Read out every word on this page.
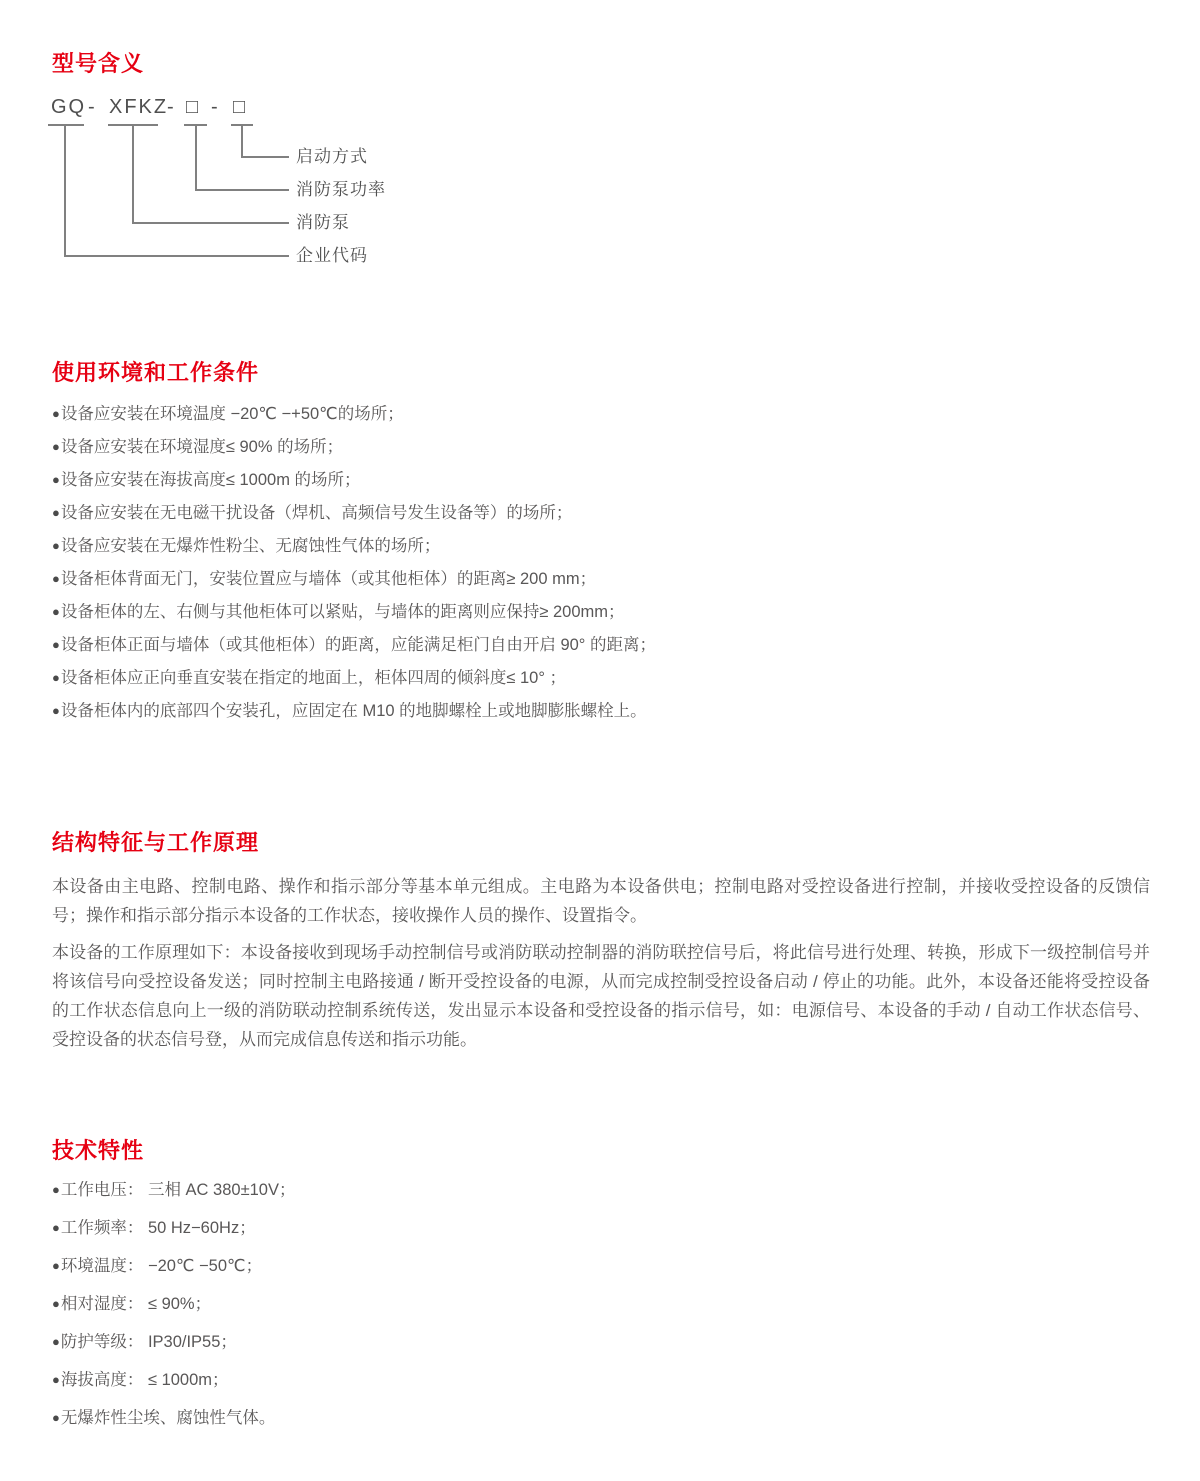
型号含义
GQ - XFKZ
- □ - □
启动方式
消防泵功率
消防泵
企业代码
使用环境和工作条件
●设备应安装在环境温度 −20℃ −+50℃的场所；
●设备应安装在环境湿度≤ 90% 的场所；
●设备应安装在海拔高度≤ 1000m 的场所；
●设备应安装在无电磁干扰设备（焊机、高频信号发生设备等）的场所；
●设备应安装在无爆炸性粉尘、无腐蚀性气体的场所；
●设备柜体背面无门，安装位置应与墙体（或其他柜体）的距离≥ 200 mm；
●设备柜体的左、右侧与其他柜体可以紧贴，与墙体的距离则应保持≥ 200mm；
●设备柜体正面与墙体（或其他柜体）的距离，应能满足柜门自由开启 90° 的距离；
●设备柜体应正向垂直安装在指定的地面上，柜体四周的倾斜度≤ 10° ；
●设备柜体内的底部四个安装孔，应固定在 M10 的地脚螺栓上或地脚膨胀螺栓上。
结构特征与工作原理

本设备由主电路、控制电路、操作和指示部分等基本单元组成。主电路为本设备供电；控制电路对受控设备进行控制，并接收受控设备的反馈信号；操作和指示部分指示本设备的工作状态，接收操作人员的操作、设置指令。

本设备的工作原理如下：本设备接收到现场手动控制信号或消防联动控制器的消防联控信号后，将此信号进行处理、转换，形成下一级控制信号并将该信号向受控设备发送；同时控制主电路接通 / 断开受控设备的电源，从而完成控制受控设备启动 / 停止的功能。此外，本设备还能将受控设备的工作状态信息向上一级的消防联动控制系统传送，发出显示本设备和受控设备的指示信号，如：电源信号、本设备的手动 / 自动工作状态信号、受控设备的状态信号登，从而完成信息传送和指示功能。

技术特性
●工作电压： 三相 AC 380±10V；
●工作频率： 50 Hz−60Hz；
●环境温度： −20℃ −50℃；
●相对湿度： ≤ 90%；
●防护等级： IP30/IP55；
●海拔高度： ≤ 1000m；
●无爆炸性尘埃、腐蚀性气体。
